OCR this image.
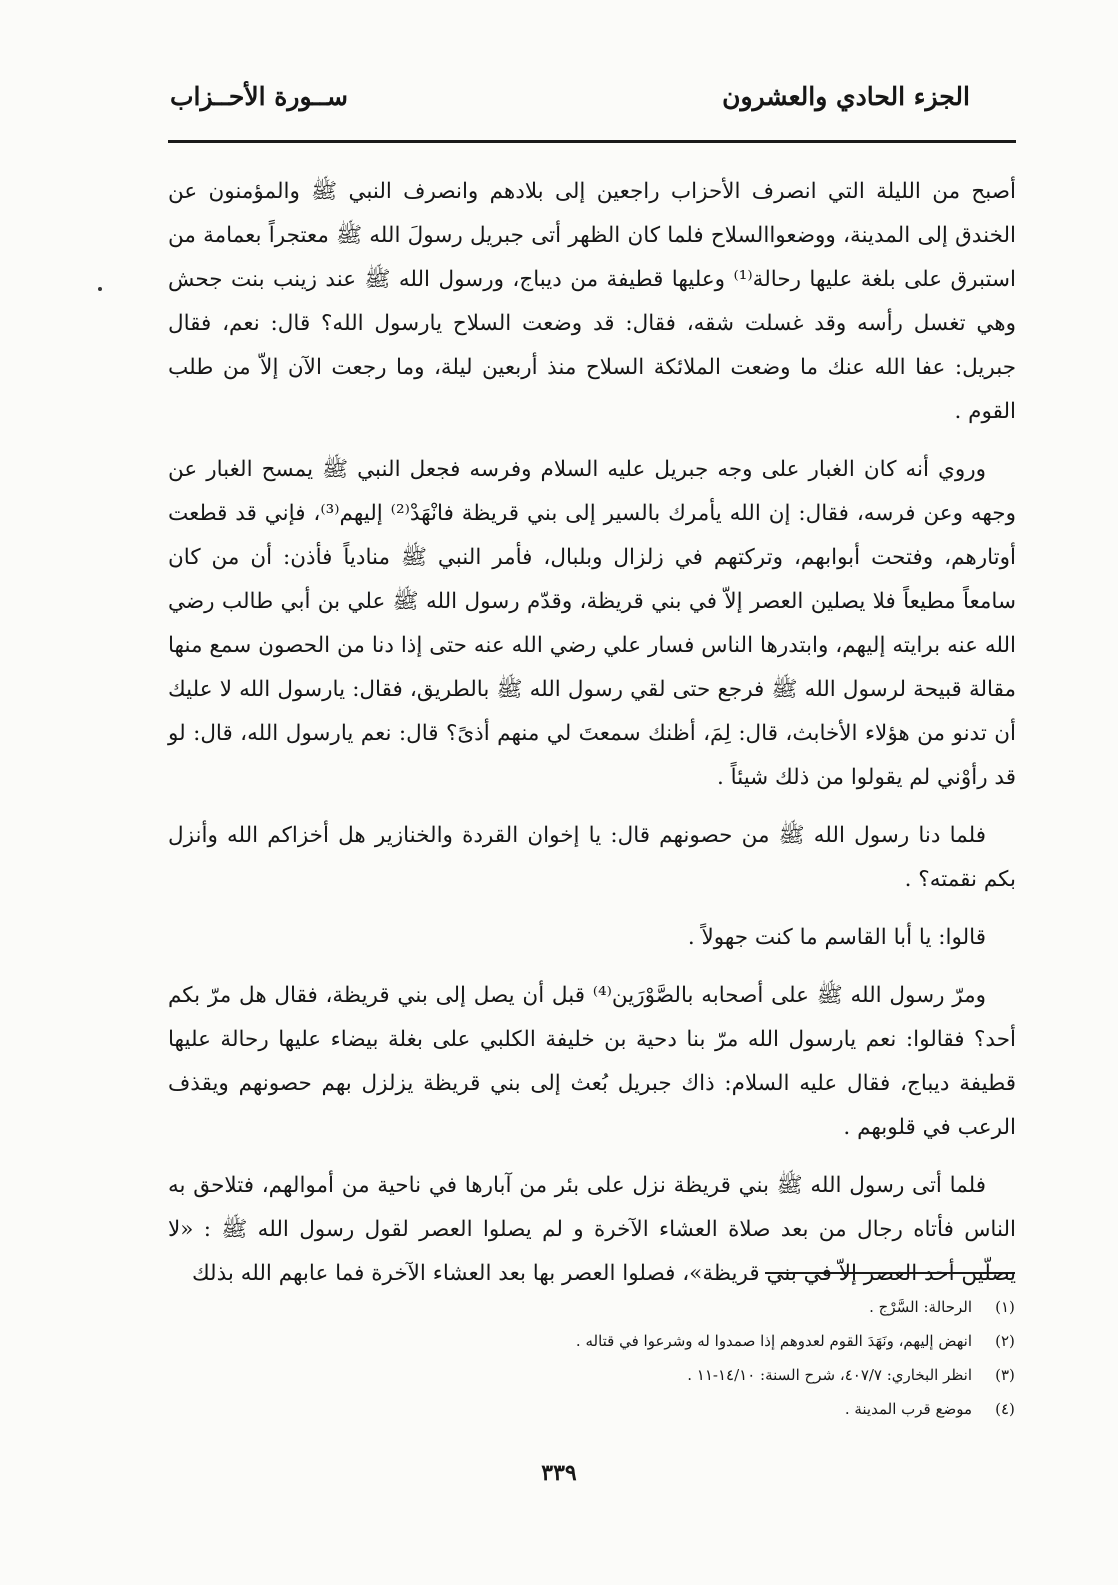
الجزء الحادي والعشرون
ســورة الأحــزاب

أصبح من الليلة التي انصرف الأحزاب راجعين إلى بلادهم وانصرف النبي ﷺ والمؤمنون عن الخندق إلى المدينة، ووضعواالسلاح فلما كان الظهر أتى جبريل رسولَ الله ﷺ معتجراً بعمامة من استبرق على بلغة عليها رحالة⁽¹⁾ وعليها قطيفة من ديباج، ورسول الله ﷺ عند زينب بنت جحش وهي تغسل رأسه وقد غسلت شقه، فقال: قد وضعت السلاح يارسول الله؟ قال: نعم، فقال جبريل: عفا الله عنك ما وضعت الملائكة السلاح منذ أربعين ليلة، وما رجعت الآن إلاّ من طلب القوم .

وروي أنه كان الغبار على وجه جبريل عليه السلام وفرسه فجعل النبي ﷺ يمسح الغبار عن وجهه وعن فرسه، فقال: إن الله يأمرك بالسير إلى بني قريظة فانْهَدْ⁽²⁾ إليهم⁽³⁾، فإني قد قطعت أوتارهم، وفتحت أبوابهم، وتركتهم في زلزال وبلبال، فأمر النبي ﷺ منادياً فأذن: أن من كان سامعاً مطيعاً فلا يصلين العصر إلاّ في بني قريظة، وقدّم رسول الله ﷺ علي بن أبي طالب رضي الله عنه برايته إليهم، وابتدرها الناس فسار علي رضي الله عنه حتى إذا دنا من الحصون سمع منها مقالة قبيحة لرسول الله ﷺ فرجع حتى لقي رسول الله ﷺ بالطريق، فقال: يارسول الله لا عليك أن تدنو من هؤلاء الأخابث، قال: لِمَ، أظنك سمعتَ لي منهم أذىً؟ قال: نعم يارسول الله، قال: لو قد رأوْني لم يقولوا من ذلك شيئاً .

فلما دنا رسول الله ﷺ من حصونهم قال: يا إخوان القردة والخنازير هل أخزاكم الله وأنزل بكم نقمته؟ .

قالوا: يا أبا القاسم ما كنت جهولاً .

ومرّ رسول الله ﷺ على أصحابه بالصَّوْرَين⁽⁴⁾ قبل أن يصل إلى بني قريظة، فقال هل مرّ بكم أحد؟ فقالوا: نعم يارسول الله مرّ بنا دحية بن خليفة الكلبي على بغلة بيضاء عليها رحالة عليها قطيفة ديباج، فقال عليه السلام: ذاك جبريل بُعث إلى بني قريظة يزلزل بهم حصونهم ويقذف الرعب في قلوبهم .

فلما أتى رسول الله ﷺ بني قريظة نزل على بئر من آبارها في ناحية من أموالهم، فتلاحق به الناس فأتاه رجال من بعد صلاة العشاء الآخرة و لم يصلوا العصر لقول رسول الله ﷺ : «لا يصلّين أحد العصر إلاّ في بني قريظة»، فصلوا العصر بها بعد العشاء الآخرة فما عابهم الله بذلك

(١)
الرحالة: السَّرْج .
(٢)
انهض إليهم، ونَهَدَ القوم لعدوهم إذا صمدوا له وشرعوا في قتاله .
(٣)
انظر البخاري: ٤٠٧/٧، شرح السنة: ١٤/١٠-١١ .
(٤)
موضع قرب المدينة .
٣٣٩
